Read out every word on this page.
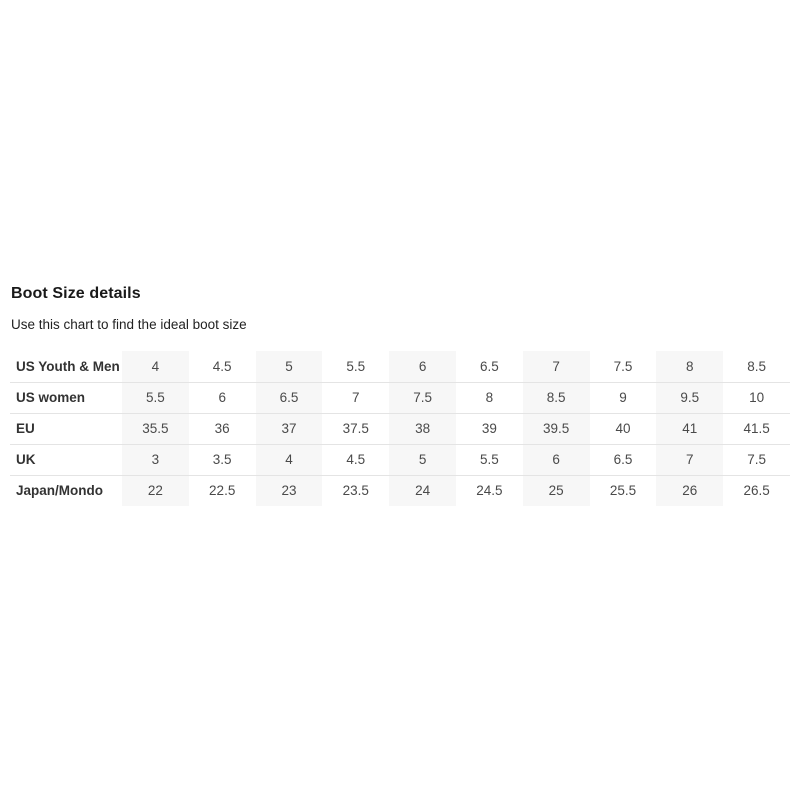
Boot Size details

Use this chart to find the ideal boot size

US Youth & Men	4	4.5	5	5.5	6	6.5	7	7.5	8	8.5
US women	5.5	6	6.5	7	7.5	8	8.5	9	9.5	10
EU	35.5	36	37	37.5	38	39	39.5	40	41	41.5
UK	3	3.5	4	4.5	5	5.5	6	6.5	7	7.5
Japan/Mondo	22	22.5	23	23.5	24	24.5	25	25.5	26	26.5
